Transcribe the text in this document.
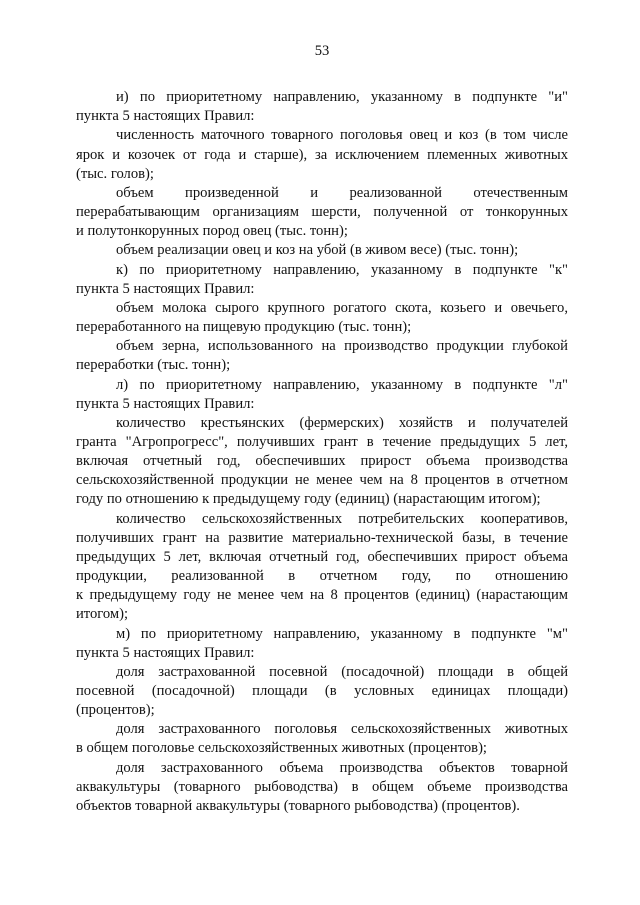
53
и) по приоритетному направлению, указанному в подпункте "и"
пункта 5 настоящих Правил:
численность маточного товарного поголовья овец и коз (в том числе
ярок и козочек от года и старше), за исключением племенных животных
(тыс. голов);
объем произведенной и реализованной отечественным
перерабатывающим организациям шерсти, полученной от тонкорунных
и полутонкорунных пород овец (тыс. тонн);
объем реализации овец и коз на убой (в живом весе) (тыс. тонн);
к) по приоритетному направлению, указанному в подпункте "к"
пункта 5 настоящих Правил:
объем молока сырого крупного рогатого скота, козьего и овечьего,
переработанного на пищевую продукцию (тыс. тонн);
объем зерна, использованного на производство продукции глубокой
переработки (тыс. тонн);
л) по приоритетному направлению, указанному в подпункте "л"
пункта 5 настоящих Правил:
количество крестьянских (фермерских) хозяйств и получателей
гранта "Агропрогресс", получивших грант в течение предыдущих 5 лет,
включая отчетный год, обеспечивших прирост объема производства
сельскохозяйственной продукции не менее чем на 8 процентов в отчетном
году по отношению к предыдущему году (единиц) (нарастающим итогом);
количество сельскохозяйственных потребительских кооперативов,
получивших грант на развитие материально-технической базы, в течение
предыдущих 5 лет, включая отчетный год, обеспечивших прирост объема
продукции, реализованной в отчетном году, по отношению
к предыдущему году не менее чем на 8 процентов (единиц) (нарастающим
итогом);
м) по приоритетному направлению, указанному в подпункте "м"
пункта 5 настоящих Правил:
доля застрахованной посевной (посадочной) площади в общей
посевной (посадочной) площади (в условных единицах площади)
(процентов);
доля застрахованного поголовья сельскохозяйственных животных
в общем поголовье сельскохозяйственных животных (процентов);
доля застрахованного объема производства объектов товарной
аквакультуры (товарного рыбоводства) в общем объеме производства
объектов товарной аквакультуры (товарного рыбоводства) (процентов).
